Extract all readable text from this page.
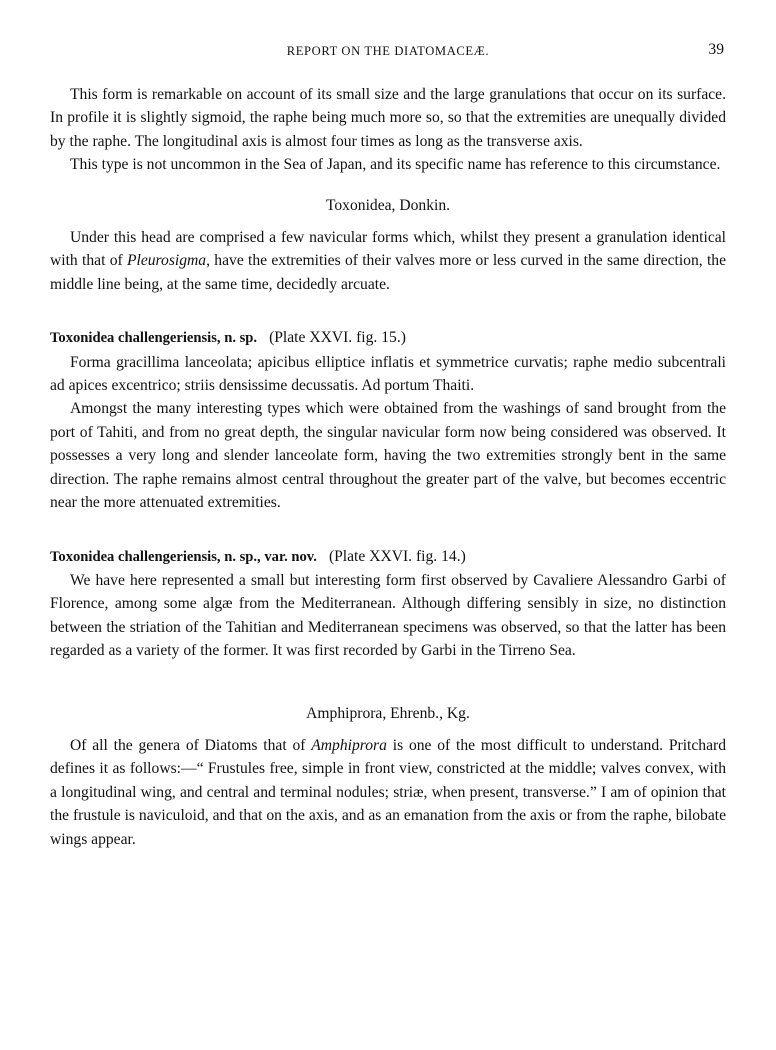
REPORT ON THE DIATOMACEÆ.	39

This form is remarkable on account of its small size and the large granulations that occur on its surface. In profile it is slightly sigmoid, the raphe being much more so, so that the extremities are unequally divided by the raphe. The longitudinal axis is almost four times as long as the transverse axis.

This type is not uncommon in the Sea of Japan, and its specific name has reference to this circumstance.

Toxonidea, Donkin.

Under this head are comprised a few navicular forms which, whilst they present a granulation identical with that of Pleurosigma, have the extremities of their valves more or less curved in the same direction, the middle line being, at the same time, decidedly arcuate.

Toxonidea challengeriensis, n. sp. (Plate XXVI. fig. 15.)

Forma gracillima lanceolata; apicibus elliptice inflatis et symmetrice curvatis; raphe medio subcentrali ad apices excentrico; striis densissime decussatis. Ad portum Thaiti.

Amongst the many interesting types which were obtained from the washings of sand brought from the port of Tahiti, and from no great depth, the singular navicular form now being considered was observed. It possesses a very long and slender lanceolate form, having the two extremities strongly bent in the same direction. The raphe remains almost central throughout the greater part of the valve, but becomes eccentric near the more attenuated extremities.

Toxonidea challengeriensis, n. sp., var. nov. (Plate XXVI. fig. 14.)

We have here represented a small but interesting form first observed by Cavaliere Alessandro Garbi of Florence, among some algæ from the Mediterranean. Although differing sensibly in size, no distinction between the striation of the Tahitian and Mediterranean specimens was observed, so that the latter has been regarded as a variety of the former. It was first recorded by Garbi in the Tirreno Sea.

Amphiprora, Ehrenb., Kg.

Of all the genera of Diatoms that of Amphiprora is one of the most difficult to understand. Pritchard defines it as follows:—“ Frustules free, simple in front view, constricted at the middle; valves convex, with a longitudinal wing, and central and terminal nodules; striæ, when present, transverse.” I am of opinion that the frustule is naviculoid, and that on the axis, and as an emanation from the axis or from the raphe, bilobate wings appear.
